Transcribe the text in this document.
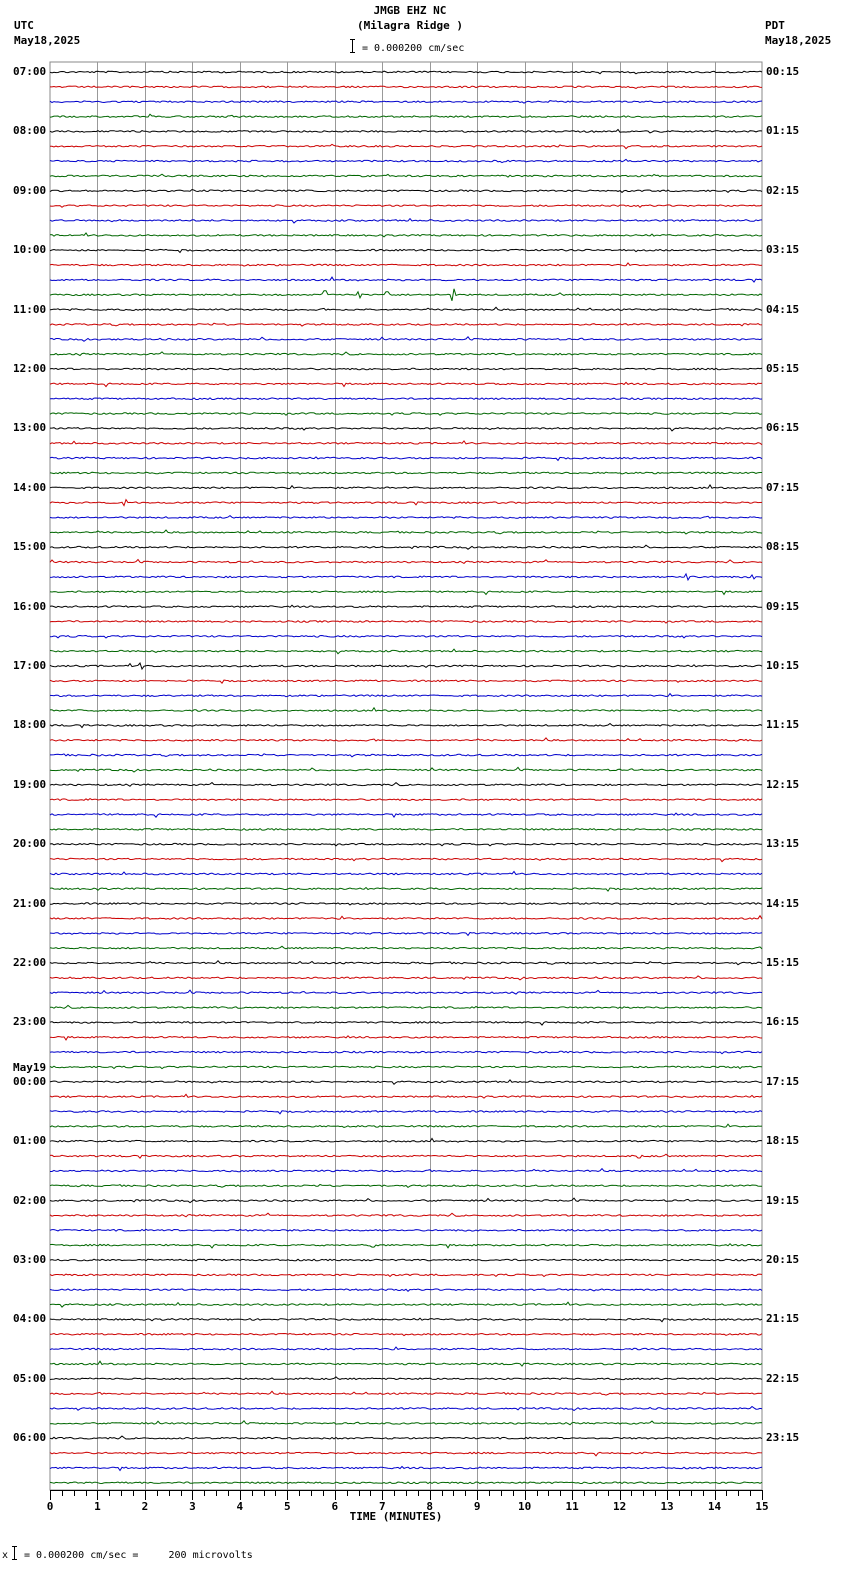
0	1	2	3	4	5	6	7	8	9	10	11	12	13	14	15
TIME (MINUTES)
JMGB EHZ NC
(Milagra Ridge )
= 0.000200 cm/sec
UTC
May18,2025
PDT
May18,2025
07:00
08:00
09:00
10:00
11:00
12:00
13:00
14:00
15:00
16:00
17:00
18:00
19:00
20:00
21:00
22:00
23:00
00:00
May19
01:00
02:00
03:00
04:00
05:00
06:00
00:15
01:15
02:15
03:15
04:15
05:15
06:15
07:15
08:15
09:15
10:15
11:15
12:15
13:15
14:15
15:15
16:15
17:15
18:15
19:15
20:15
21:15
22:15
23:15
x = 0.000200 cm/sec =     200 microvolts
